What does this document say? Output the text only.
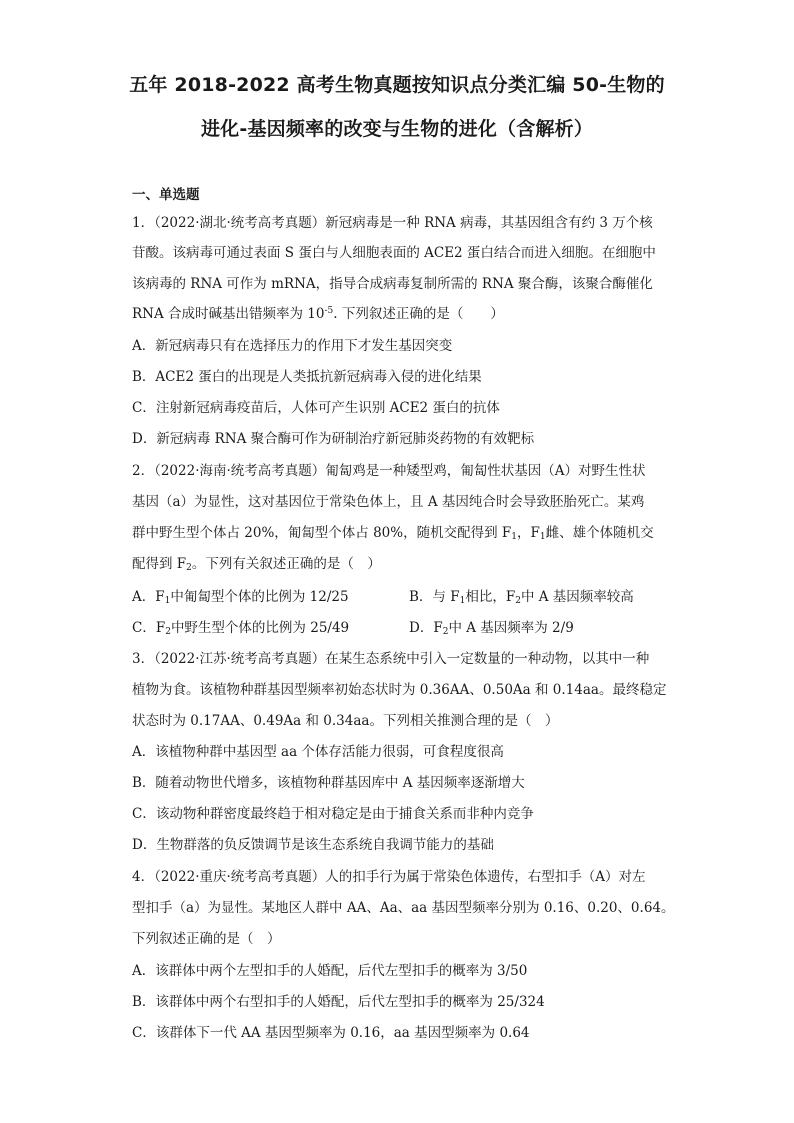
五年 2018-2022 高考生物真题按知识点分类汇编 50-生物的
进化-基因频率的改变与生物的进化（含解析）
一、单选题
1．（2022·湖北·统考高考真题）新冠病毒是一种 RNA 病毒，其基因组含有约 3 万个核
苷酸。该病毒可通过表面 S 蛋白与人细胞表面的 ACE2 蛋白结合而进入细胞。在细胞中
该病毒的 RNA 可作为 mRNA，指导合成病毒复制所需的 RNA 聚合酶，该聚合酶催化
RNA 合成时碱基出错频率为 $10^{-5}$. 下列叙述正确的是（　　）
A．新冠病毒只有在选择压力的作用下才发生基因突变
B．ACE2 蛋白的出现是人类抵抗新冠病毒入侵的进化结果
C．注射新冠病毒疫苗后，人体可产生识别 ACE2 蛋白的抗体
D．新冠病毒 RNA 聚合酶可作为研制治疗新冠肺炎药物的有效靶标
2．（2022·海南·统考高考真题）匍匐鸡是一种矮型鸡，匍匐性状基因（A）对野生性状
基因（a）为显性，这对基因位于常染色体上，且 A 基因纯合时会导致胚胎死亡。某鸡
群中野生型个体占 20%，匍匐型个体占 80%，随机交配得到 $F_1$，$F_1$雌、雄个体随机交
配得到 $F_2$。下列有关叙述正确的是（　）
A．$F_1$中匍匐型个体的比例为 12/25	B．与 $F_1$相比，$F_2$中 A 基因频率较高
C．$F_2$中野生型个体的比例为 25/49	D．$F_2$中 A 基因频率为 2/9
3．（2022·江苏·统考高考真题）在某生态系统中引入一定数量的一种动物，以其中一种
植物为食。该植物种群基因型频率初始态状时为 0.36AA、0.50Aa 和 0.14aa。最终稳定
状态时为 0.17AA、0.49Aa 和 0.34aa。下列相关推测合理的是（　）
A．该植物种群中基因型 aa 个体存活能力很弱，可食程度很高
B．随着动物世代增多，该植物种群基因库中 A 基因频率逐渐增大
C．该动物种群密度最终趋于相对稳定是由于捕食关系而非种内竞争
D．生物群落的负反馈调节是该生态系统自我调节能力的基础
4．（2022·重庆·统考高考真题）人的扣手行为属于常染色体遗传，右型扣手（A）对左
型扣手（a）为显性。某地区人群中 AA、Aa、aa 基因型频率分别为 0.16、0.20、0.64。
下列叙述正确的是（　）
A．该群体中两个左型扣手的人婚配，后代左型扣手的概率为 3/50
B．该群体中两个右型扣手的人婚配，后代左型扣手的概率为 25/324
C．该群体下一代 AA 基因型频率为 0.16，aa 基因型频率为 0.64
